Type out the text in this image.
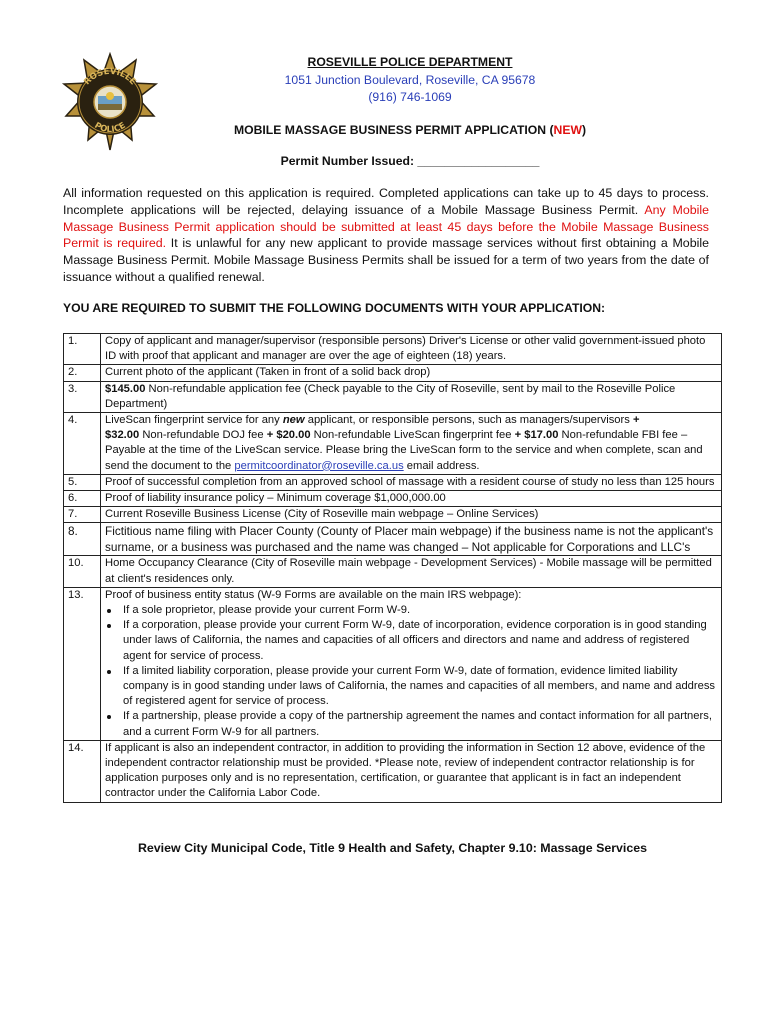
ROSEVILLE
POLICE
ROSEVILLE POLICE DEPARTMENT
1051 Junction Boulevard, Roseville, CA 95678
(916) 746-1069
MOBILE MASSAGE BUSINESS PERMIT APPLICATION (NEW)
Permit Number Issued: __________________
All information requested on this application is required. Completed applications can take up to 45 days to process. Incomplete applications will be rejected, delaying issuance of a Mobile Massage Business Permit. Any Mobile Massage Business Permit application should be submitted at least 45 days before the Mobile Massage Business Permit is required. It is unlawful for any new applicant to provide massage services without first obtaining a Mobile Massage Business Permit. Mobile Massage Business Permits shall be issued for a term of two years from the date of issuance without a qualified renewal.
YOU ARE REQUIRED TO SUBMIT THE FOLLOWING DOCUMENTS WITH YOUR APPLICATION:
1.	Copy of applicant and manager/supervisor (responsible persons) Driver's License or other valid government-issued photo ID with proof that applicant and manager are over the age of eighteen (18) years.
2.	Current photo of the applicant (Taken in front of a solid back drop)
3.	$145.00 Non-refundable application fee (Check payable to the City of Roseville, sent by mail to the Roseville Police Department)
4.	LiveScan fingerprint service for any new applicant, or responsible persons, such as managers/supervisors +
$32.00 Non-refundable DOJ fee + $20.00 Non-refundable LiveScan fingerprint fee + $17.00 Non-refundable FBI fee – Payable at the time of the LiveScan service. Please bring the LiveScan form to the service and when complete, scan and send the document to the permitcoordinator@roseville.ca.us email address.
5.	Proof of successful completion from an approved school of massage with a resident course of study no less than 125 hours
6.	Proof of liability insurance policy – Minimum coverage $1,000,000.00
7.	Current Roseville Business License (City of Roseville main webpage – Online Services)
8.	Fictitious name filing with Placer County (County of Placer main webpage) if the business name is not the applicant's surname, or a business was purchased and the name was changed – Not applicable for Corporations and LLC's
10.	Home Occupancy Clearance (City of Roseville main webpage - Development Services) - Mobile massage will be permitted at client's residences only.
13.	Proof of business entity status (W-9 Forms are available on the main IRS webpage):
If a sole proprietor, please provide your current Form W-9.
If a corporation, please provide your current Form W-9, date of incorporation, evidence corporation is in good standing under laws of California, the names and capacities of all officers and directors and name and address of registered agent for service of process.
If a limited liability corporation, please provide your current Form W-9, date of formation, evidence limited liability company is in good standing under laws of California, the names and capacities of all members, and name and address of registered agent for service of process.
If a partnership, please provide a copy of the partnership agreement the names and contact information for all partners, and a current Form W-9 for all partners.

14.	If applicant is also an independent contractor, in addition to providing the information in Section 12 above, evidence of the independent contractor relationship must be provided. *Please note, review of independent contractor relationship is for application purposes only and is no representation, certification, or guarantee that applicant is in fact an independent contractor under the California Labor Code.
Review City Municipal Code, Title 9 Health and Safety, Chapter 9.10: Massage Services
